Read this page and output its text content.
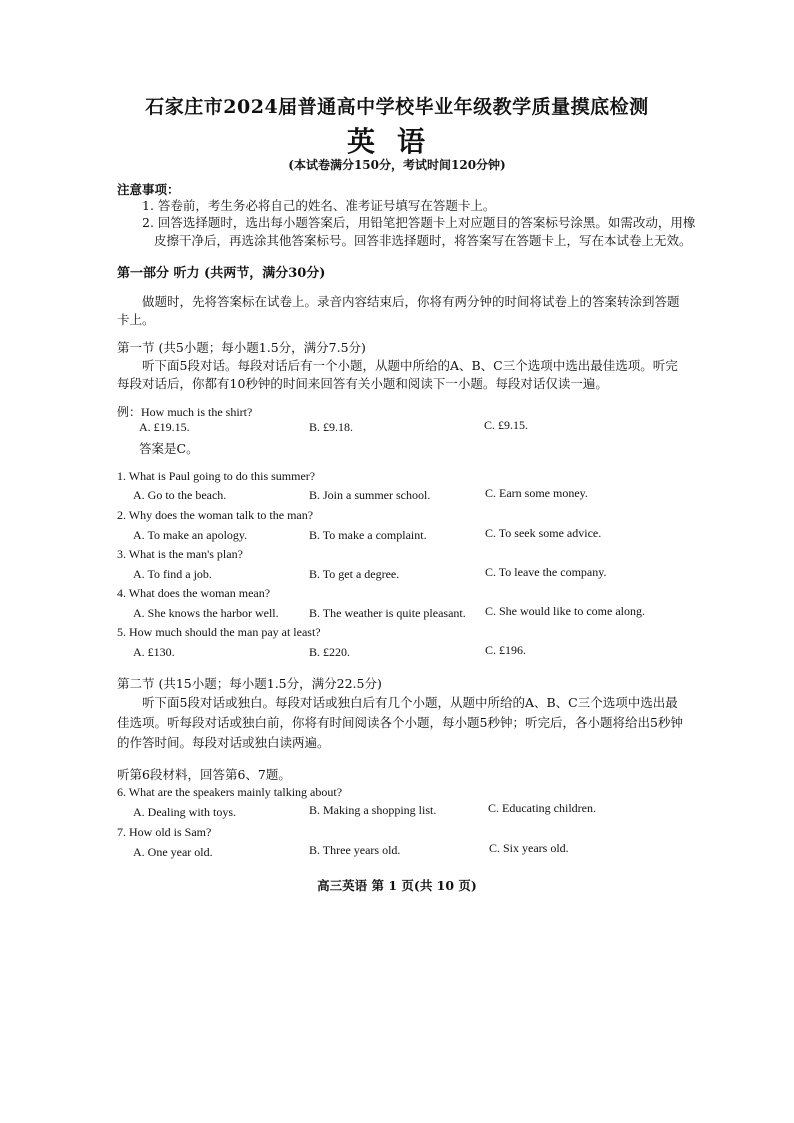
石家庄市2024届普通高中学校毕业年级教学质量摸底检测
英语
(本试卷满分150分，考试时间120分钟)
注意事项：
1. 答卷前，考生务必将自己的姓名、准考证号填写在答题卡上。
2. 回答选择题时，选出每小题答案后，用铅笔把答题卡上对应题目的答案标号涂黑。如需改动，用橡
皮擦干净后，再选涂其他答案标号。回答非选择题时，将答案写在答题卡上，写在本试卷上无效。
第一部分 听力 (共两节，满分30分)
做题时，先将答案标在试卷上。录音内容结束后，你将有两分钟的时间将试卷上的答案转涂到答题
卡上。
第一节 (共5小题；每小题1.5分，满分7.5分)
听下面5段对话。每段对话后有一个小题，从题中所给的A、B、C三个选项中选出最佳选项。听完
每段对话后，你都有10秒钟的时间来回答有关小题和阅读下一小题。每段对话仅读一遍。
例：How much is the shirt?
A. £19.15.	B. £9.18.	C. £9.15.
答案是C。
1. What is Paul going to do this summer?
A. Go to the beach.	B. Join a summer school.	C. Earn some money.
2. Why does the woman talk to the man?
A. To make an apology.	B. To make a complaint.	C. To seek some advice.
3. What is the man's plan?
A. To find a job.	B. To get a degree.	C. To leave the company.
4. What does the woman mean?
A. She knows the harbor well.	B. The weather is quite pleasant. C. She would like to come along.
5. How much should the man pay at least?
A. £130.	B. £220.	C. £196.
第二节 (共15小题；每小题1.5分，满分22.5分)
听下面5段对话或独白。每段对话或独白后有几个小题，从题中所给的A、B、C三个选项中选出最
佳选项。听每段对话或独白前，你将有时间阅读各个小题，每小题5秒钟；听完后，各小题将给出5秒钟
的作答时间。每段对话或独白读两遍。
听第6段材料，回答第6、7题。
6. What are the speakers mainly talking about?
A. Dealing with toys.	B. Making a shopping list.	C. Educating children.
7. How old is Sam?
A. One year old.	B. Three years old.	C. Six years old.
高三英语 第 1 页(共 10 页)
